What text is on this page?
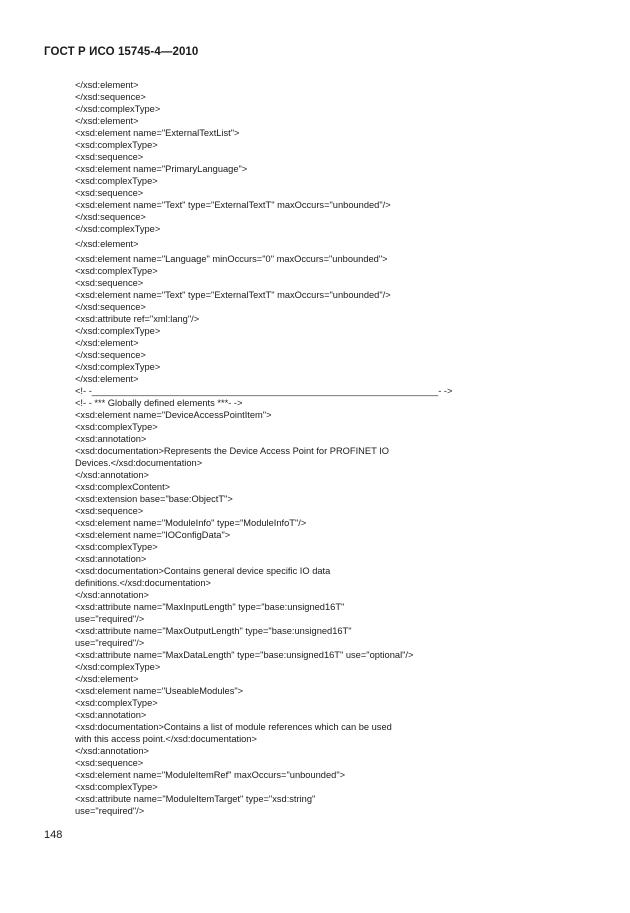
ГОСТ Р ИСО 15745-4—2010
</xsd:element>
</xsd:sequence>
</xsd:complexType>
</xsd:element>
<xsd:element name="ExternalTextList">
<xsd:complexType>
<xsd:sequence>
<xsd:element name="PrimaryLanguage">
<xsd:complexType>
<xsd:sequence>
<xsd:element name="Text" type="ExternalTextT" maxOccurs="unbounded"/>
</xsd:sequence>
</xsd:complexType>
</xsd:element>
<xsd:element name="Language" minOccurs="0" maxOccurs="unbounded">
<xsd:complexType>
<xsd:sequence>
<xsd:element name="Text" type="ExternalTextT" maxOccurs="unbounded"/>
</xsd:sequence>
<xsd:attribute ref="xml:lang"/>
</xsd:complexType>
</xsd:element>
</xsd:sequence>
</xsd:complexType>
</xsd:element>
<!- -___________________________________________________________________- ->
<!- - *** Globally defined elements ***- ->
<xsd:element name="DeviceAccessPointItem">
<xsd:complexType>
<xsd:annotation>
<xsd:documentation>Represents the Device Access Point for PROFINET IO
Devices.</xsd:documentation>
</xsd:annotation>
<xsd:complexContent>
<xsd:extension base="base:ObjectT">
<xsd:sequence>
<xsd:element name="ModuleInfo" type="ModuleInfoT"/>
<xsd:element name="IOConfigData">
<xsd:complexType>
<xsd:annotation>
<xsd:documentation>Contains general device specific IO data
definitions.</xsd:documentation>
</xsd:annotation>
<xsd:attribute name="MaxInputLength" type="base:unsigned16T"
use="required"/>
<xsd:attribute name="MaxOutputLength" type="base:unsigned16T"
use="required"/>
<xsd:attribute name="MaxDataLength" type="base:unsigned16T" use="optional"/>
</xsd:complexType>
</xsd:element>
<xsd:element name="UseableModules">
<xsd:complexType>
<xsd:annotation>
<xsd:documentation>Contains a list of module references which can be used
with this access point.</xsd:documentation>
</xsd:annotation>
<xsd:sequence>
<xsd:element name="ModuleItemRef" maxOccurs="unbounded">
<xsd:complexType>
<xsd:attribute name="ModuleItemTarget" type="xsd:string"
use="required"/>
148
